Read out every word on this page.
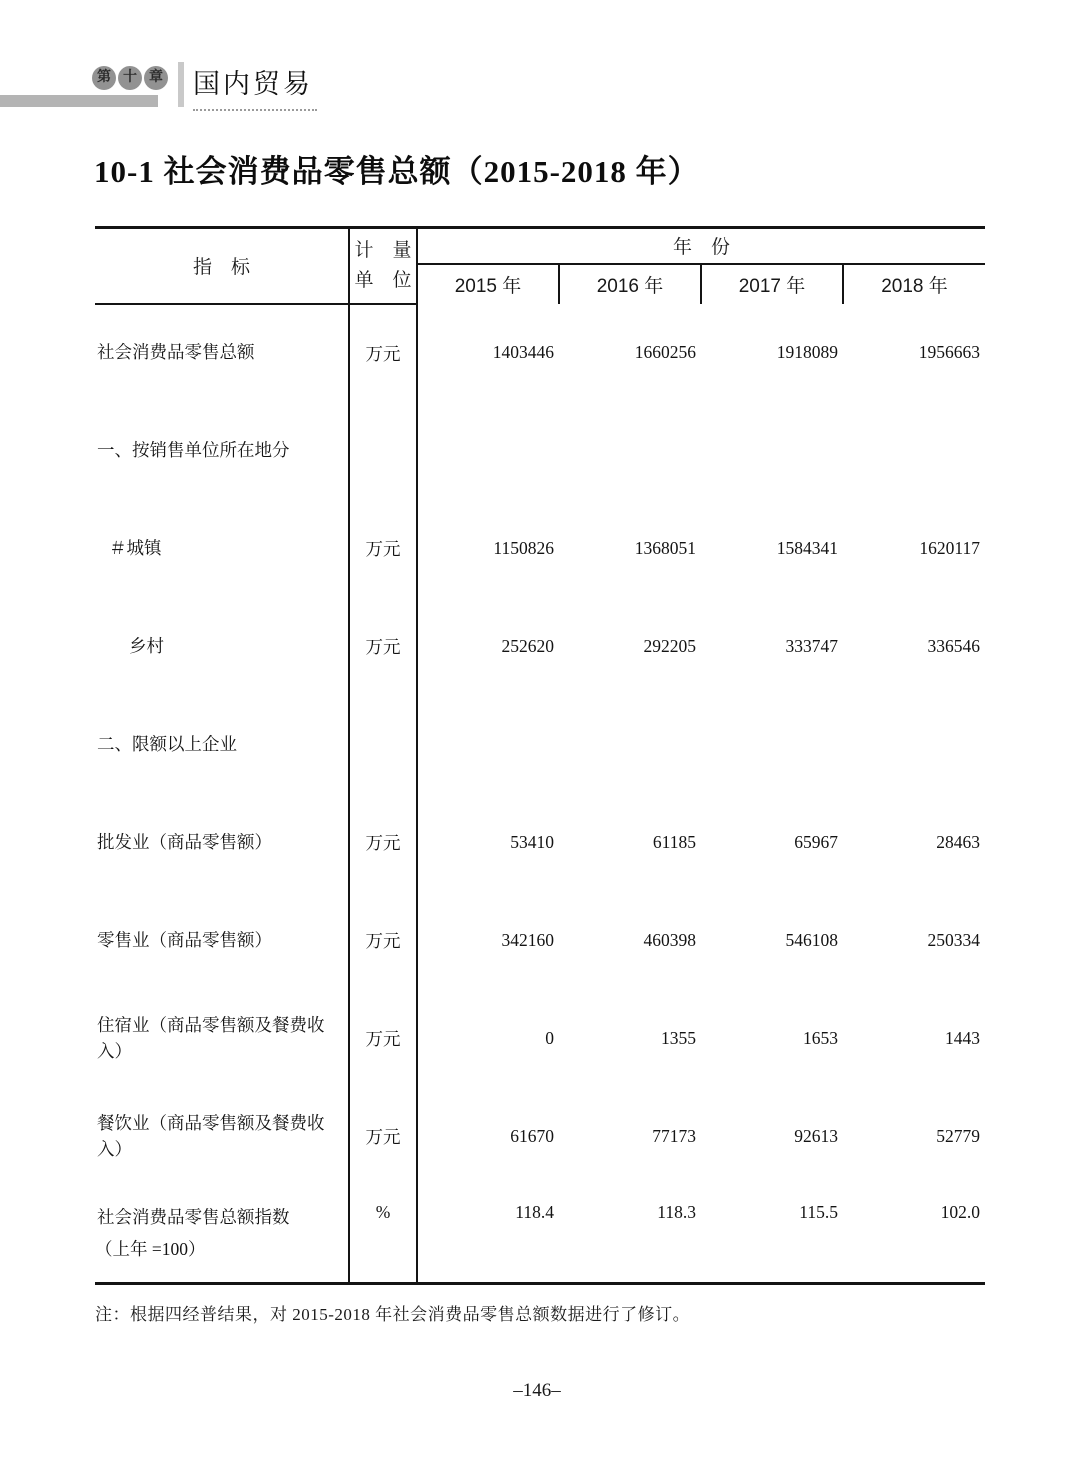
第 十 章 国内贸易
10-1 社会消费品零售总额（2015-2018 年）
指　标	计　量
单　位	年　份			
		2015 年	2016 年	2017 年	2018 年

社会消费品零售总额	万元	1403446	1660256	1918089	1956663

一、按销售单位所在地分					

＃城镇	万元	1150826	1368051	1584341	1620117

乡村	万元	252620	292205	333747	336546

二、限额以上企业					

批发业（商品零售额）	万元	53410	61185	65967	28463

零售业（商品零售额）	万元	342160	460398	546108	250334

住宿业（商品零售额及餐费收入）	万元	0	1355	1653	1443

餐饮业（商品零售额及餐费收入）	万元	61670	77173	92613	52779

社会消费品零售总额指数
（上年 =100）	%	118.4	118.3	115.5	102.0
注：根据四经普结果，对 2015-2018 年社会消费品零售总额数据进行了修订。
–146–
